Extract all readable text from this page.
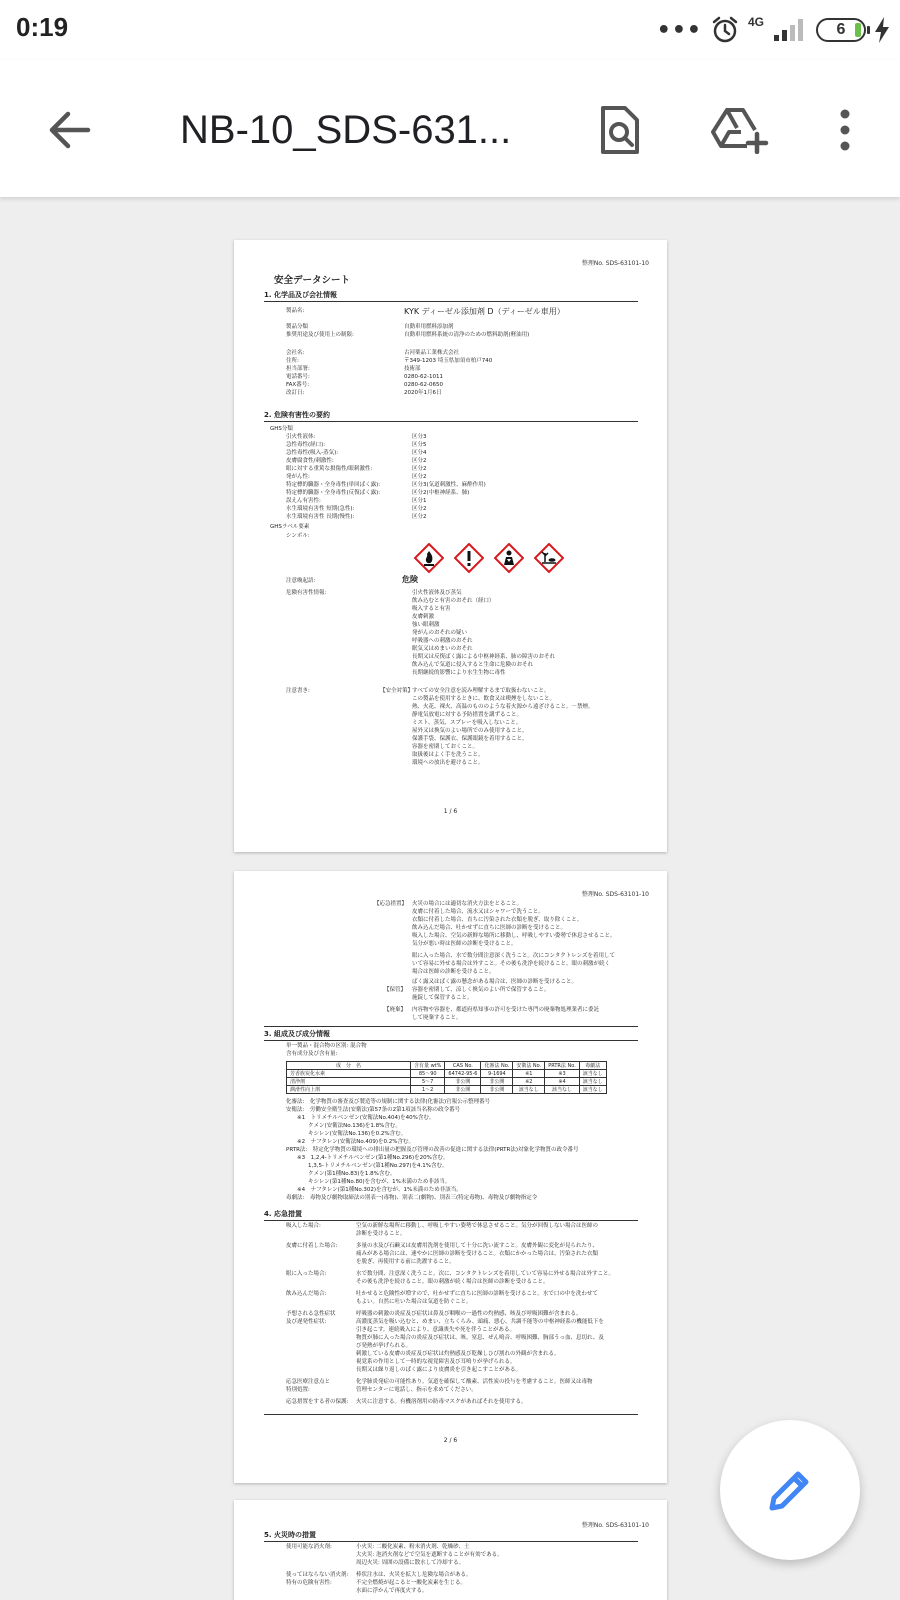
0:19	•••	4G	6
NB-10_SDS-631...
整理No. SDS-63101-10
安全データシート
1. 化学品及び会社情報
製品名:	KYK ディーゼル添加剤 D（ディーゼル車用）
製品分類	自動車用燃料添加剤
推奨用途及び使用上の制限:	自動車用燃料系統の清浄のための燃料助剤(軽油用)
会社名:	古河薬品工業株式会社
住所:	〒349-1203 埼玉県加須市柏戸740
担当部署:	技術部
電話番号:	0280-62-1011
FAX番号:	0280-62-0650
改訂日:	2020年1月6日
2. 危険有害性の要約
GHS分類
引火性液体:	区分3
急性毒性(経口):	区分5
急性毒性(吸入-蒸気):	区分4
皮膚腐食性/刺激性:	区分2
眼に対する重篤な損傷性/眼刺激性:	区分2
発がん性:	区分2
特定標的臓器・全身毒性(単回ばく露):	区分3(気道刺激性、麻酔作用)
特定標的臓器・全身毒性(反復ばく露):	区分2(中枢神経系、肺)
誤えん有害性:	区分1
水生環境有害性 短期(急性):	区分2
水生環境有害性 長期(慢性):	区分2
GHSラベル要素
シンボル:
注意喚起語:	危険
危険有害性情報:	引火性液体及び蒸気
飲み込むと有害のおそれ（経口）
吸入すると有害
皮膚刺激
強い眼刺激
発がんのおそれの疑い
呼吸器への刺激のおそれ
眠気又はめまいのおそれ
長期又は反復ばく露による中枢神経系、肺の障害のおそれ
飲み込んで気道に侵入すると生命に危険のおそれ
長期継続的影響により水生生物に毒性
注意書き:	【安全対策】
すべての安全注意を読み理解するまで取扱わないこと。
この製品を使用するときに、飲食又は喫煙をしないこと。
熱、火花、裸火、高温のもののような着火源から遠ざけること。－禁煙。
静電気放電に対する予防措置を講ずること。
ミスト、蒸気、スプレーを吸入しないこと。
屋外又は換気のよい場所でのみ使用すること。
保護手袋、保護衣、保護眼鏡を着用すること。
容器を密閉しておくこと。
取扱後はよく手を洗うこと。
環境への放出を避けること。
1 / 6
整理No. SDS-63101-10
【応急措置】 火災の場合には適切な消火方法をとること。
皮膚に付着した場合、流水又はシャワーで洗うこと。
衣類に付着した場合、直ちに汚染された衣類を脱ぎ、取り除くこと。
飲み込んだ場合、吐かせずに直ちに医師の診断を受けること。
吸入した場合、空気の新鮮な場所に移動し、呼吸しやすい姿勢で休息させること。
気分が悪い時は医師の診断を受けること。
眼に入った場合、水で数分間注意深く洗うこと。次にコンタクトレンズを着用して
いて容易に外せる場合は外すこと。その後も洗浄を続けること。眼の刺激が続く
場合は医師の診断を受けること。
ばく露又はばく露の懸念がある場合は、医師の診断を受けること。
【保管】 容器を密閉して、涼しく換気のよい所で保管すること。
施錠して保管すること。
【廃棄】 内容物や容器を、都道府県知事の許可を受けた専門の廃棄物処理業者に委託
して廃棄すること。
3. 組成及び成分情報
単一製品・混合物の区別: 混合物
含有成分及び含有量:
成　分　名	含有量 wt%	CAS No.	化審法 No.	安衛法 No.	PRTR法 No.	毒劇法
芳香族炭化水素	85～90	64742-95-6	9-1694	※1	※3	該当なし
清浄剤	5～7	非公開	非公開	※2	※4	該当なし
潤滑性向上剤	1～2	非公開	非公開	該当なし	該当なし	該当なし
化審法:　化学物質の審査及び製造等の規制に関する法律(化審法)官報公示整理番号
安衛法:　労働安全衛生法(安衛法)第57条の2第1項該当名称の政令番号
　　※1　トリメチルベンゼン(安衛法No.404)を40%含む。
　　　　クメン(安衛法No.136)を1.8%含む。
　　　　キシレン(安衛法No.136)を0.2%含む。
　　※2　ナフタレン(安衛法No.409)を0.2%含む。
PRTR法:　特定化学物質の環境への排出量の把握及び管理の改善の促進に関する法律(PRTR法)対象化学物質の政令番号
　　※3　1,2,4-トリメチルベンゼン(第1種No.296)を20%含む。
　　　　1,3,5-トリメチルベンゼン(第1種No.297)を4.1%含む。
　　　　クメン(第1種No.83)を1.8%含む。
　　　　キシレン(第1種No.80)を含むが、1%未満のため非該当。
　　※4　ナフタレン(第1種No.302)を含むが、1%未満のため非該当。
毒劇法:　毒物及び劇物取締法の別表一(毒物)、別表二(劇物)、別表三(特定毒物)、毒物及び劇物指定令
4. 応急措置
吸入した場合:	空気の新鮮な場所に移動し、呼吸しやすい姿勢で休息させること。気分が回復しない場合は医師の
診断を受けること。
皮膚に付着した場合:	多量の水及び石鹸又は皮膚用洗剤を使用して十分に洗い流すこと。皮膚外観に変化が見られたり、
痛みがある場合には、速やかに医師の診断を受けること。衣類にかかった場合は、汚染された衣類
を脱ぎ、再使用する前に洗濯すること。
眼に入った場合:	水で数分間、注意深く洗うこと。次に、コンタクトレンズを着用していて容易に外せる場合は外すこと。
その後も洗浄を続けること。眼の刺激が続く場合は医師の診断を受けること。
飲み込んだ場合:	吐かせると危険性が増すので、吐かせずに直ちに医師の診断を受けること。水で口の中を洗わせて
もよい。自然に吐いた場合は気道を防ぐこと。
予想される急性症状
及び遅発性症状:
呼吸器の刺激の炎症及び症状は鼻及び咽喉の一過性の灼熱感、咳及び呼吸困難が含まれる。
高濃度蒸気を吸い込むと、めまい、立ちくらみ、頭痛、悪心、共調不能等の中枢神経系の機能低下を
引き起こす。連続吸入により、意識喪失や死を伴うことがある。
物質が肺に入った場合の炎症及び症状は、咳、窒息、ぜん鳴音、呼吸困難、胸部うっ血、息切れ、及
び発熱が挙げられる。
刺激している皮膚の炎症及び症状は灼熱感及び乾燥しひび割れの外観が含まれる。
視覚系の作用として一時的な視覚障害及び耳鳴りが挙げられる。
長期又は繰り返しのばく露により皮膚炎を引き起こすことがある。
応急医療注意点と
特別処置:
化学肺炎発症の可能性あり。気道を確保して酸素、活性炭の投与を考慮すること。医師又は毒物
管理センターに電話し、指示を求めてください。
応急措置をする者の保護: 火災に注意する。有機溶剤用の防毒マスクがあればそれを使用する。
2 / 6
整理No. SDS-63101-10
5. 火災時の措置
使用可能な消火剤:	小火災: 二酸化炭素、粉末消火剤、乾燥砂、土
大火災: 泡消火剤などで空気を遮断することが有効である。
周辺火災: 周囲の設備に散水して冷却する。
使ってはならない消火剤: 棒状注水は、火災を拡大し危険な場合がある。
特有の危険有害性:	不完全燃焼が起こると一酸化炭素を生じる。
水面に浮かんで再度火する。
